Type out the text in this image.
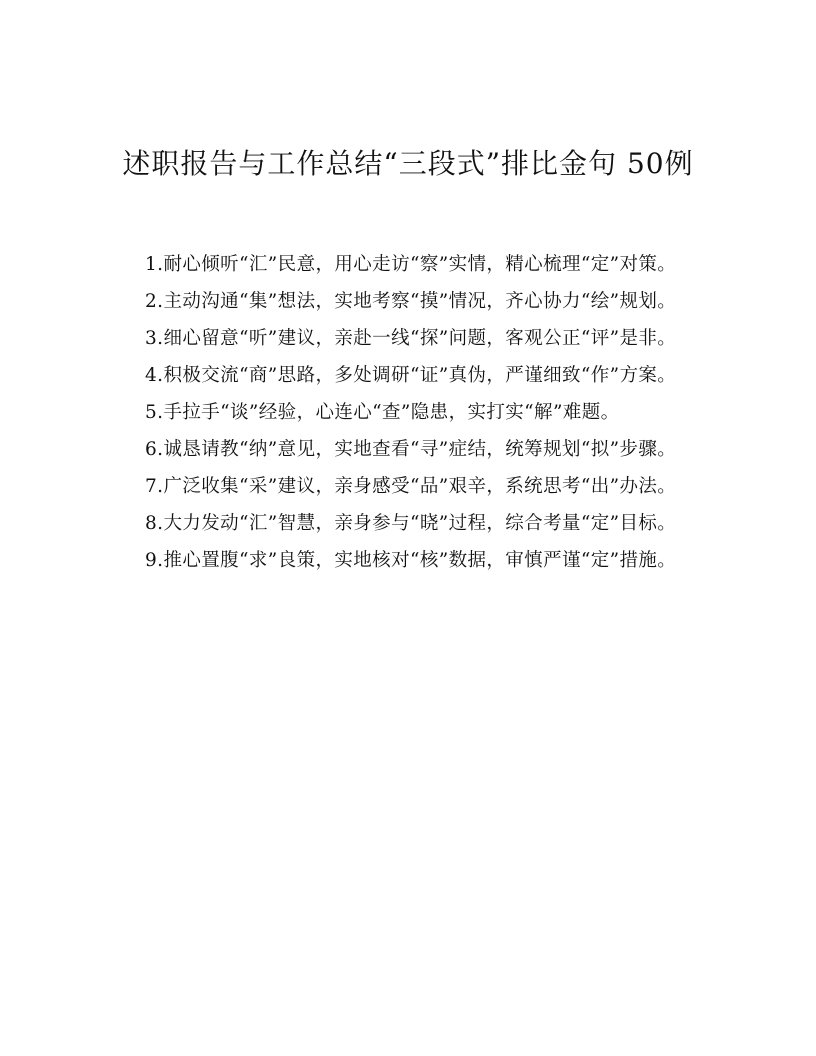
述职报告与工作总结“三段式”排比金句 50例

1.耐心倾听“汇”民意，用心走访“察”实情，精心梳理“定”对策。

2.主动沟通“集”想法，实地考察“摸”情况，齐心协力“绘”规划。

3.细心留意“听”建议，亲赴一线“探”问题，客观公正“评”是非。

4.积极交流“商”思路，多处调研“证”真伪，严谨细致“作”方案。

5.手拉手“谈”经验，心连心“查”隐患，实打实“解”难题。

6.诚恳请教“纳”意见，实地查看“寻”症结，统筹规划“拟”步骤。

7.广泛收集“采”建议，亲身感受“品”艰辛，系统思考“出”办法。

8.大力发动“汇”智慧，亲身参与“晓”过程，综合考量“定”目标。

9.推心置腹“求”良策，实地核对“核”数据，审慎严谨“定”措施。
